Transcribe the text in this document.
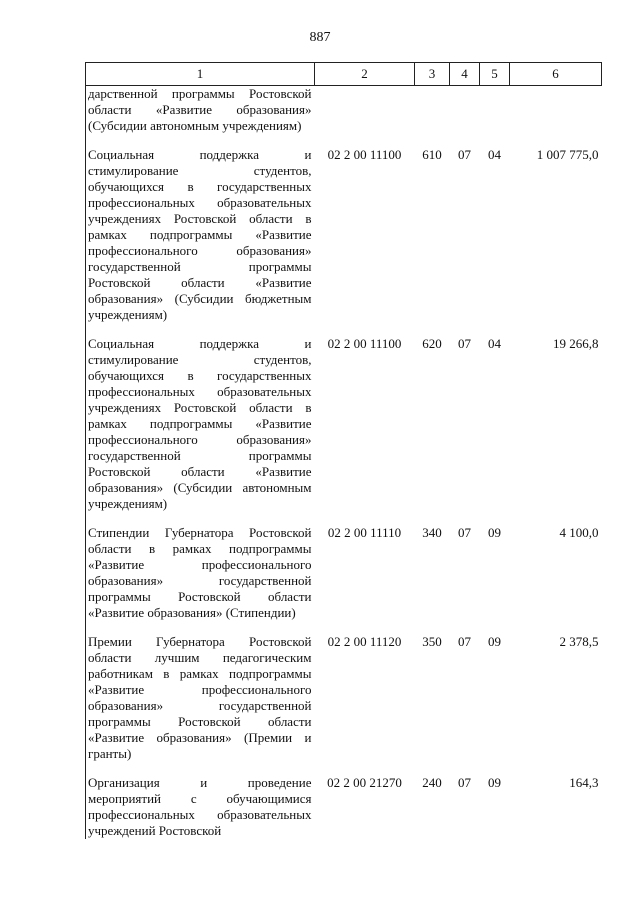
887
1	2	3	4	5	6
дарственной программы Ростовской области «Развитие образования» (Субсидии автономным учреждениям)					

Социальная поддержка и стимулирование студентов, обучающихся в государственных профессиональных образовательных учреждениях Ростовской области в рамках подпрограммы «Развитие профессионального образования» государственной программы Ростовской области «Развитие образования» (Субсидии бюджетным учреждениям)	02 2 00 11100	610	07	04	1 007 775,0

Социальная поддержка и стимулирование студентов, обучающихся в государственных профессиональных образовательных учреждениях Ростовской области в рамках подпрограммы «Развитие профессионального образования» государственной программы Ростовской области «Развитие образования» (Субсидии автономным учреждениям)	02 2 00 11100	620	07	04	19 266,8

Стипендии Губернатора Ростовской области в рамках подпрограммы «Развитие профессионального образования» государственной программы Ростовской области «Развитие образования» (Стипендии)	02 2 00 11110	340	07	09	4 100,0

Премии Губернатора Ростовской области лучшим педагогическим работникам в рамках подпрограммы «Развитие профессионального образования» государственной программы Ростовской области «Развитие образования» (Премии и гранты)	02 2 00 11120	350	07	09	2 378,5

Организация и проведение мероприятий с обучающимися профессиональных образовательных учреждений Ростовской	02 2 00 21270	240	07	09	164,3
